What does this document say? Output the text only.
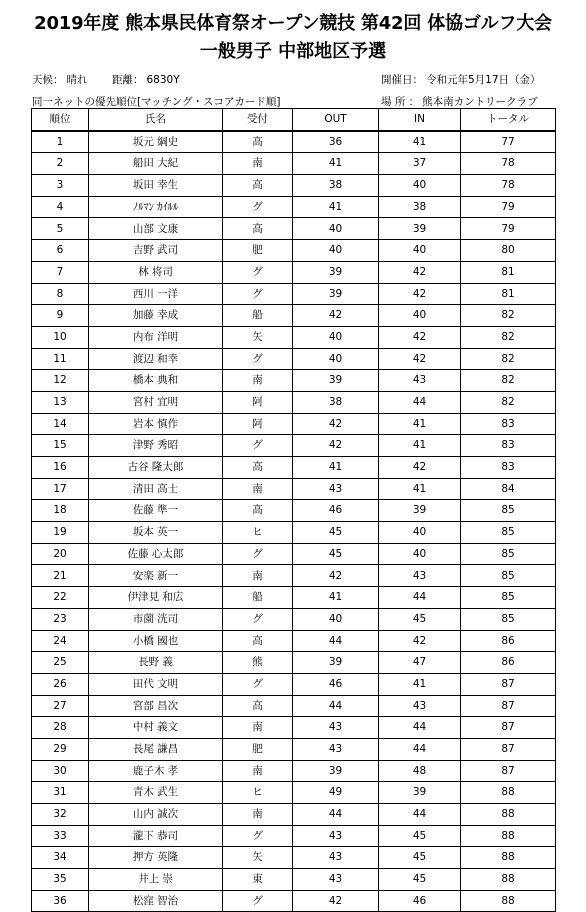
2019年度 熊本県民体育祭オープン競技 第42回 体協ゴルフ大会
一般男子 中部地区予選
天候： 晴れ 距離： 6830Y	開催日： 令和元年5月17日（金）
同一ネットの優先順位[マッチング・スコアカード順]	場 所 ： 熊本南カントリークラブ
順位	氏名	受付	OUT	IN	トータル
1	坂元 綱史	高	36	41	77
2	船田 大紀	南	41	37	78
3	坂田 幸生	高	38	40	78
4	ﾉﾙﾏﾝ ｶｲﾙﾙ	グ	41	38	79
5	山部 文康	高	40	39	79
6	吉野 武司	肥	40	40	80
7	林 将司	グ	39	42	81
8	西川 一洋	グ	39	42	81
9	加藤 幸成	船	42	40	82
10	内布 洋明	矢	40	42	82
11	渡辺 和幸	グ	40	42	82
12	橋本 典和	南	39	43	82
13	宮村 宜明	阿	38	44	82
14	岩本 慎作	阿	42	41	83
15	津野 秀昭	グ	42	41	83
16	古谷 隆太郎	高	41	42	83
17	清田 高士	南	43	41	84
18	佐藤 準一	高	46	39	85
19	坂本 英一	ヒ	45	40	85
20	佐藤 心太郎	グ	45	40	85
21	安楽 新一	南	42	43	85
22	伊津見 和広	船	41	44	85
23	市薗 洸司	グ	40	45	85
24	小橋 國也	高	44	42	86
25	長野 義	熊	39	47	86
26	田代 文明	グ	46	41	87
27	宮部 昌次	高	44	43	87
28	中村 義文	南	43	44	87
29	長尾 謙昌	肥	43	44	87
30	鹿子木 孝	南	39	48	87
31	青木 武生	ヒ	49	39	88
32	山内 誠次	南	44	44	88
33	瀧下 恭司	グ	43	45	88
34	押方 英隆	矢	43	45	88
35	井上 崇	東	43	45	88
36	松窪 智治	グ	42	46	88
